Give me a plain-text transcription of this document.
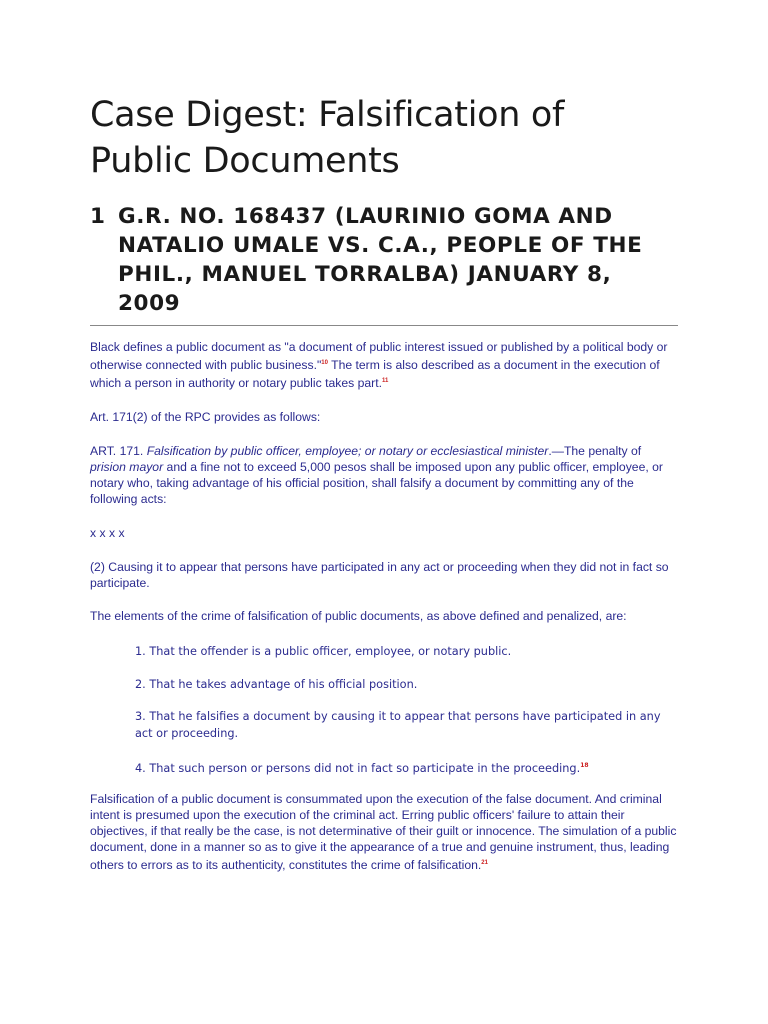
Case Digest: Falsification of
Public Documents
1 G.R. NO. 168437 (LAURINIO GOMA AND NATALIO UMALE VS. C.A., PEOPLE OF THE PHIL., MANUEL TORRALBA) JANUARY 8, 2009

Black defines a public document as "a document of public interest issued or published by a political body or otherwise connected with public business."$^{10}$ The term is also described as a document in the execution of which a person in authority or notary public takes part.$^{11}$

Art. 171(2) of the RPC provides as follows:

ART. 171. Falsification by public officer, employee; or notary or ecclesiastical minister.—The penalty of prision mayor and a fine not to exceed 5,000 pesos shall be imposed upon any public officer, employee, or notary who, taking advantage of his official position, shall falsify a document by committing any of the following acts:

x x x x

(2) Causing it to appear that persons have participated in any act or proceeding when they did not in fact so participate.

The elements of the crime of falsification of public documents, as above defined and penalized, are:

1. That the offender is a public officer, employee, or notary public.

2. That he takes advantage of his official position.

3. That he falsifies a document by causing it to appear that persons have participated in any act or proceeding.

4. That such person or persons did not in fact so participate in the proceeding.$^{18}$

Falsification of a public document is consummated upon the execution of the false document. And criminal intent is presumed upon the execution of the criminal act. Erring public officers' failure to attain their objectives, if that really be the case, is not determinative of their guilt or innocence. The simulation of a public document, done in a manner so as to give it the appearance of a true and genuine instrument, thus, leading others to errors as to its authenticity, constitutes the crime of falsification.$^{21}$
